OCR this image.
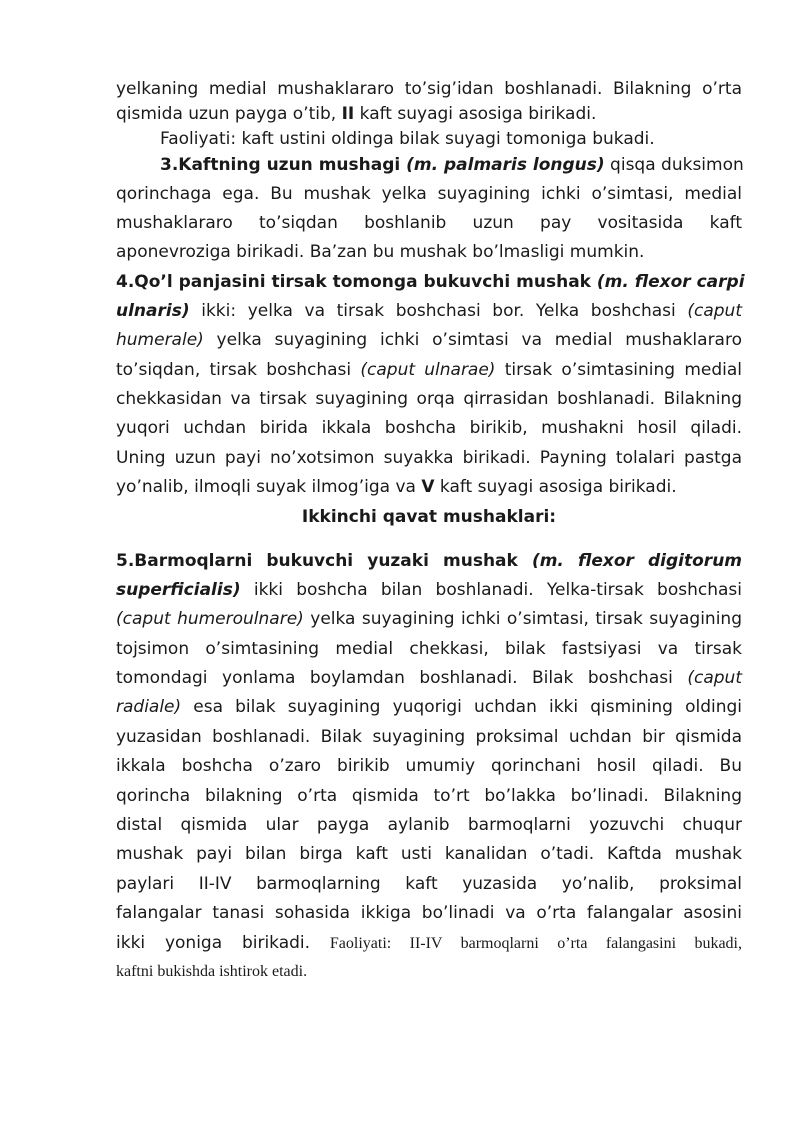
yelkaning medial mushaklararo to’sig’idan boshlanadi. Bilakning o’rta
qismida uzun payga o’tib, II kaft suyagi asosiga birikadi.
Faoliyati: kaft ustini oldinga bilak suyagi tomoniga bukadi.
3.Kaftning uzun mushagi (m. palmaris longus) qisqa duksimon
qorinchaga ega. Bu mushak yelka suyagining ichki o’simtasi, medial
mushaklararo to’siqdan boshlanib uzun pay vositasida kaft
aponevroziga birikadi. Ba’zan bu mushak bo’lmasligi mumkin.
4.Qo’l panjasini tirsak tomonga bukuvchi mushak (m. flexor carpi
ulnaris) ikki: yelka va tirsak boshchasi bor. Yelka boshchasi (caput
humerale) yelka suyagining ichki o’simtasi va medial mushaklararo
to’siqdan, tirsak boshchasi (caput ulnarae) tirsak o’simtasining medial
chekkasidan va tirsak suyagining orqa qirrasidan boshlanadi. Bilakning
yuqori uchdan birida ikkala boshcha birikib, mushakni hosil qiladi.
Uning uzun payi no’xotsimon suyakka birikadi. Payning tolalari pastga
yo’nalib, ilmoqli suyak ilmog’iga va V kaft suyagi asosiga birikadi.
Ikkinchi qavat mushaklari:
5.Barmoqlarni bukuvchi yuzaki mushak (m. flexor digitorum
superficialis) ikki boshcha bilan boshlanadi. Yelka-tirsak boshchasi
(caput humeroulnare) yelka suyagining ichki o’simtasi, tirsak suyagining
tojsimon o’simtasining medial chekkasi, bilak fastsiyasi va tirsak
tomondagi yonlama boylamdan boshlanadi. Bilak boshchasi (caput
radiale) esa bilak suyagining yuqorigi uchdan ikki qismining oldingi
yuzasidan boshlanadi. Bilak suyagining proksimal uchdan bir qismida
ikkala boshcha o’zaro birikib umumiy qorinchani hosil qiladi. Bu
qorincha bilakning o’rta qismida to’rt bo’lakka bo’linadi. Bilakning
distal qismida ular payga aylanib barmoqlarni yozuvchi chuqur
mushak payi bilan birga kaft usti kanalidan o’tadi. Kaftda mushak
paylari II-IV barmoqlarning kaft yuzasida yo’nalib, proksimal
falangalar tanasi sohasida ikkiga bo’linadi va o’rta falangalar asosini
ikki yoniga birikadi. Faoliyati: II-IV barmoqlarni o’rta falangasini bukadi,
kaftni bukishda ishtirok etadi.
